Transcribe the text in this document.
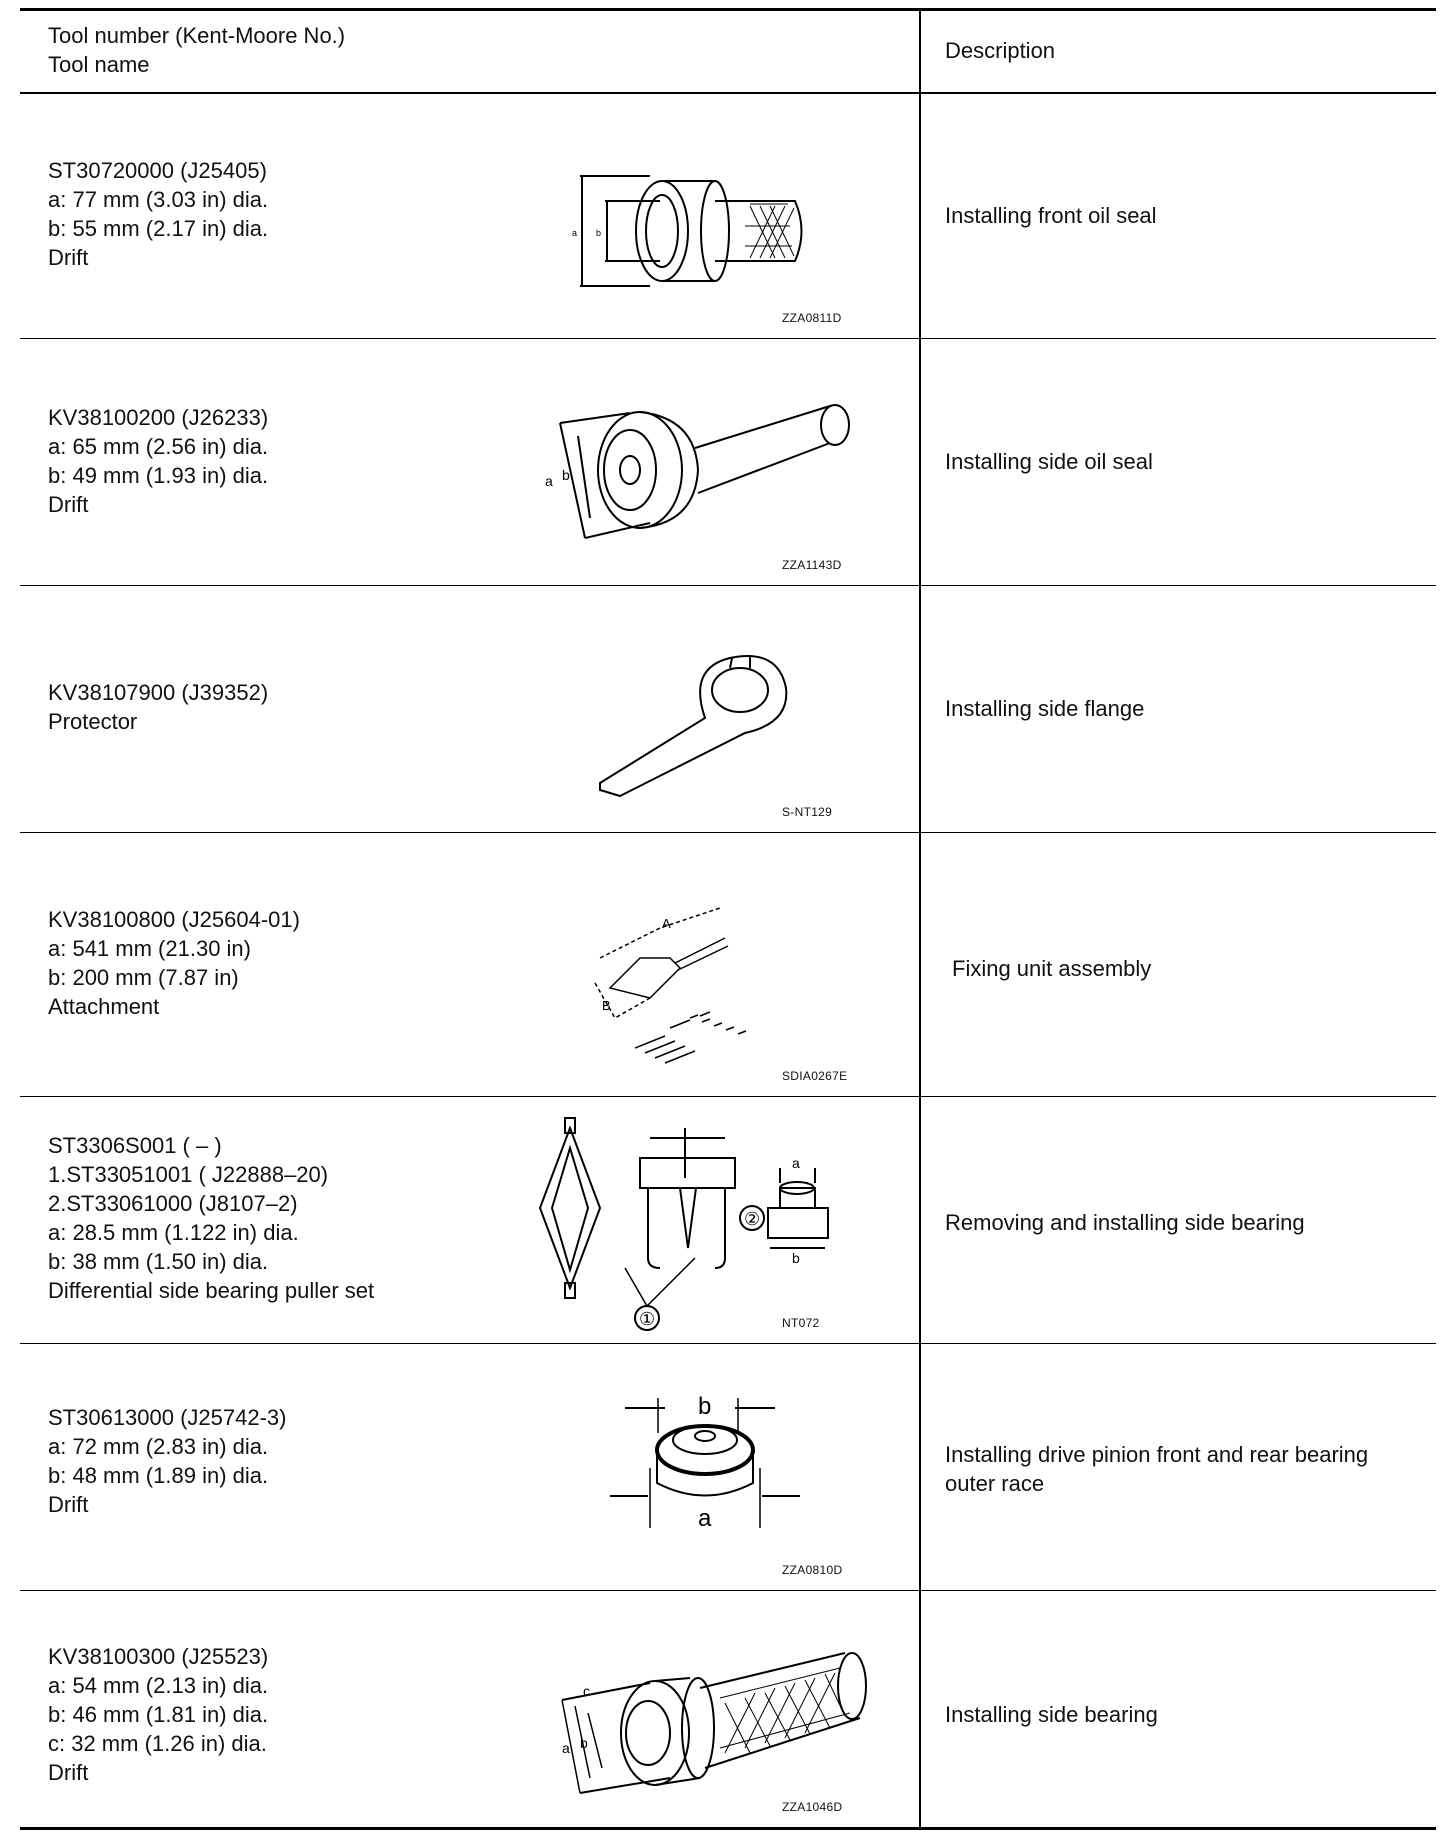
Tool number (Kent-Moore No.)
Tool name
Description
ST30720000 (J25405)
a: 77 mm (3.03 in) dia.
b: 55 mm (2.17 in) dia.
Drift
a b
ZZA0811D
Installing front oil seal
KV38100200 (J26233)
a: 65 mm (2.56 in) dia.
b: 49 mm (1.93 in) dia.
Drift
a b
ZZA1143D
Installing side oil seal
KV38107900 (J39352)
Protector
S-NT129
Installing side flange
KV38100800 (J25604-01)
a: 541 mm (21.30 in)
b: 200 mm (7.87 in)
Attachment
A
B
SDIA0267E
Fixing unit assembly
ST3306S001 ( – )
1.ST33051001 ( J22888–20)
2.ST33061000 (J8107–2)
a: 28.5 mm (1.122 in) dia.
b: 38 mm (1.50 in) dia.
Differential side bearing puller set
a
b
②
①	NT072
Removing and installing side bearing
ST30613000 (J25742-3)
a: 72 mm (2.83 in) dia.
b: 48 mm (1.89 in) dia.
Drift
b
a
ZZA0810D
Installing drive pinion front and rear bearing outer race
KV38100300 (J25523)
a: 54 mm (2.13 in) dia.
b: 46 mm (1.81 in) dia.
c: 32 mm (1.26 in) dia.
Drift
a b
c
ZZA1046D
Installing side bearing
